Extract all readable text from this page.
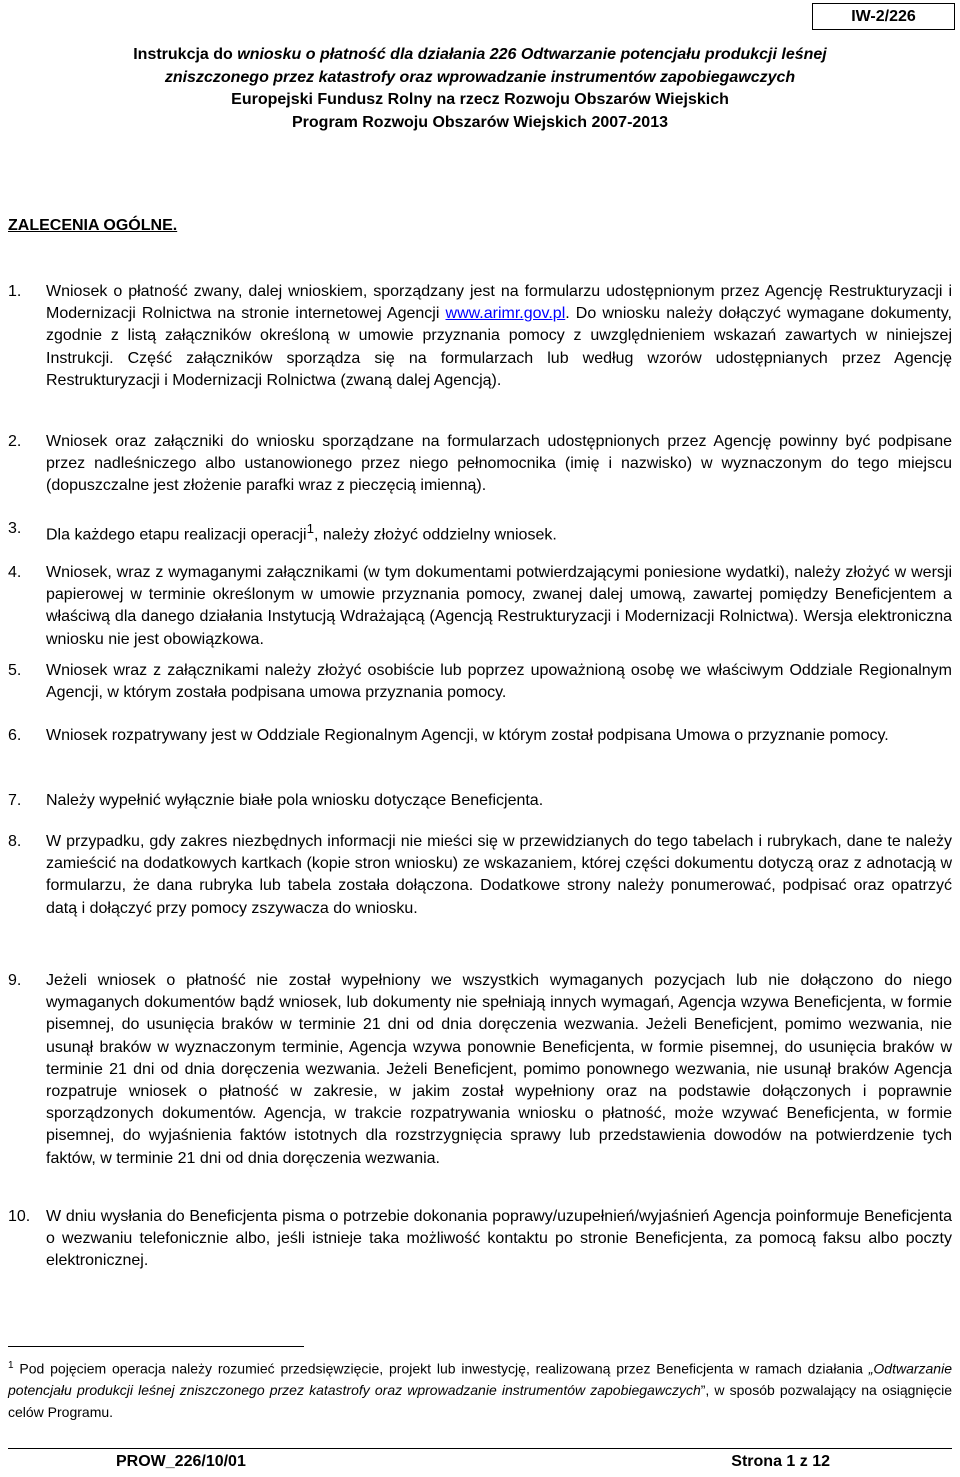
IW-2/226
Instrukcja do wniosku o płatność dla działania 226 Odtwarzanie potencjału produkcji leśnej
zniszczonego przez katastrofy oraz wprowadzanie instrumentów zapobiegawczych
Europejski Fundusz Rolny na rzecz Rozwoju Obszarów Wiejskich
Program Rozwoju Obszarów Wiejskich 2007-2013
ZALECENIA OGÓLNE.
1. Wniosek o płatność zwany, dalej wnioskiem, sporządzany jest na formularzu udostępnionym przez Agencję Restrukturyzacji i Modernizacji Rolnictwa na stronie internetowej Agencji www.arimr.gov.pl. Do wniosku należy dołączyć wymagane dokumenty, zgodnie z listą załączników określoną w umowie przyznania pomocy z uwzględnieniem wskazań zawartych w niniejszej Instrukcji. Część załączników sporządza się na formularzach lub według wzorów udostępnianych przez Agencję Restrukturyzacji i Modernizacji Rolnictwa (zwaną dalej Agencją).
2. Wniosek oraz załączniki do wniosku sporządzane na formularzach udostępnionych przez Agencję powinny być podpisane przez nadleśniczego albo ustanowionego przez niego pełnomocnika (imię i nazwisko) w wyznaczonym do tego miejscu (dopuszczalne jest złożenie parafki wraz z pieczęcią imienną).
3. Dla każdego etapu realizacji operacji$^1$, należy złożyć oddzielny wniosek.
4. Wniosek, wraz z wymaganymi załącznikami (w tym dokumentami potwierdzającymi poniesione wydatki), należy złożyć w wersji papierowej w terminie określonym w umowie przyznania pomocy, zwanej dalej umową, zawartej pomiędzy Beneficjentem a właściwą dla danego działania Instytucją Wdrażającą (Agencją Restrukturyzacji i Modernizacji Rolnictwa). Wersja elektroniczna wniosku nie jest obowiązkowa.
5. Wniosek wraz z załącznikami należy złożyć osobiście lub poprzez upoważnioną osobę we właściwym Oddziale Regionalnym Agencji, w którym została podpisana umowa przyznania pomocy.
6. Wniosek rozpatrywany jest w Oddziale Regionalnym Agencji, w którym został podpisana Umowa o przyznanie pomocy.
7. Należy wypełnić wyłącznie białe pola wniosku dotyczące Beneficjenta.
8. W przypadku, gdy zakres niezbędnych informacji nie mieści się w przewidzianych do tego tabelach i rubrykach, dane te należy zamieścić na dodatkowych kartkach (kopie stron wniosku) ze wskazaniem, której części dokumentu dotyczą oraz z adnotacją w formularzu, że dana rubryka lub tabela została dołączona. Dodatkowe strony należy ponumerować, podpisać oraz opatrzyć datą i dołączyć przy pomocy zszywacza do wniosku.
9. Jeżeli wniosek o płatność nie został wypełniony we wszystkich wymaganych pozycjach lub nie dołączono do niego wymaganych dokumentów bądź wniosek, lub dokumenty nie spełniają innych wymagań, Agencja wzywa Beneficjenta, w formie pisemnej, do usunięcia braków w terminie 21 dni od dnia doręczenia wezwania. Jeżeli Beneficjent, pomimo wezwania, nie usunął braków w wyznaczonym terminie, Agencja wzywa ponownie Beneficjenta, w formie pisemnej, do usunięcia braków w terminie 21 dni od dnia doręczenia wezwania. Jeżeli Beneficjent, pomimo ponownego wezwania, nie usunął braków Agencja rozpatruje wniosek o płatność w zakresie, w jakim został wypełniony oraz na podstawie dołączonych i poprawnie sporządzonych dokumentów. Agencja, w trakcie rozpatrywania wniosku o płatność, może wzywać Beneficjenta, w formie pisemnej, do wyjaśnienia faktów istotnych dla rozstrzygnięcia sprawy lub przedstawienia dowodów na potwierdzenie tych faktów, w terminie 21 dni od dnia doręczenia wezwania.
10. W dniu wysłania do Beneficjenta pisma o potrzebie dokonania poprawy/uzupełnień/wyjaśnień Agencja poinformuje Beneficjenta o wezwaniu telefonicznie albo, jeśli istnieje taka możliwość kontaktu po stronie Beneficjenta, za pomocą faksu albo poczty elektronicznej.
$^1$ Pod pojęciem operacja należy rozumieć przedsięwzięcie, projekt lub inwestycję, realizowaną przez Beneficjenta w ramach działania „Odtwarzanie potencjału produkcji leśnej zniszczonego przez katastrofy oraz wprowadzanie instrumentów zapobiegawczych”, w sposób pozwalający na osiągnięcie celów Programu.
PROW_226/10/01	Strona 1 z 12
